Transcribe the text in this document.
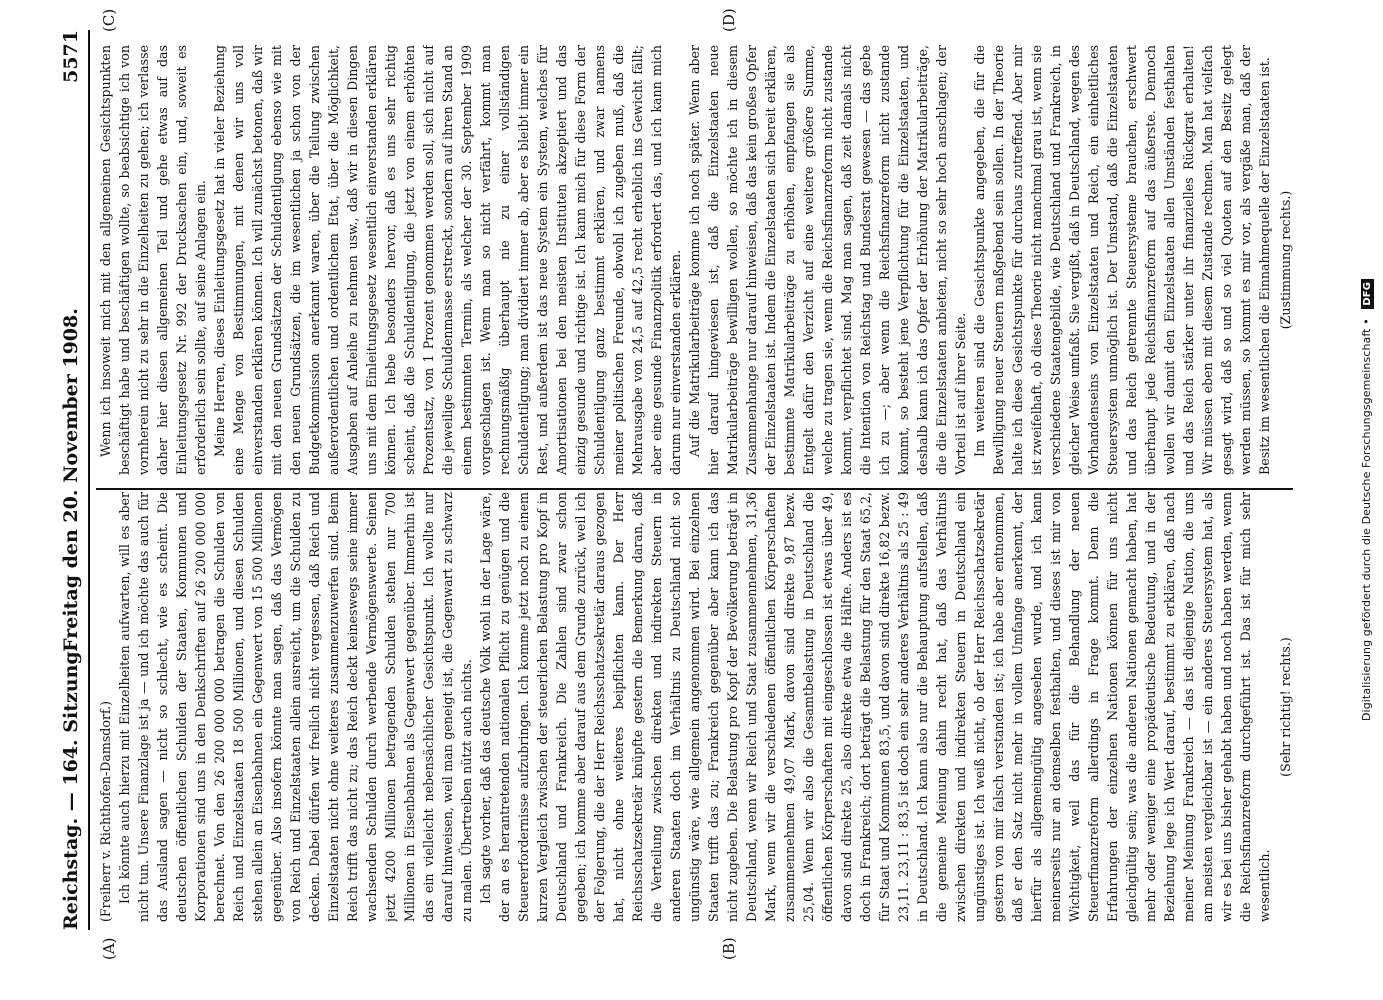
Reichstag. — 164. Sitzung.
Freitag den 20. November 1908.
5571
(A)	(B)
(C)	(D)

(Freiherr v. Richthofen-Damsdorf.) Ich könnte auch hierzu mit Einzelheiten aufwarten, will es aber nicht tun. Unsere Finanzlage ist ja — und ich möchte das auch für das Ausland sagen — nicht so schlecht, wie es scheint. Die deutschen öffentlichen Schulden der Staaten, Kommunen und Korporationen sind uns in den Denkschriften auf 26 200 000 000 berechnet. Von den 26 200 000 000 betragen die Schulden von Reich und Einzelstaaten 18 500 Millionen, und diesen Schulden stehen allein an Eisenbahnen ein Gegenwert von 15 500 Millionen gegenüber. Also insofern könnte man sagen, daß das Vermögen von Reich und Einzelstaaten allein ausreicht, um die Schulden zu decken. Dabei dürfen wir freilich nicht vergessen, daß Reich und Einzelstaaten nicht ohne weiteres zusammenzuwerfen sind. Beim Reich trifft das nicht zu; das Reich deckt keineswegs seine immer wachsenden Schulden durch werbende Vermögenswerte. Seinen jetzt 4200 Millionen betragenden Schulden stehen nur 700 Millionen in Eisenbahnen als Gegenwert gegenüber. Immerhin ist das ein vielleicht nebensächlicher Gesichtspunkt. Ich wollte nur darauf hinweisen, weil man geneigt ist, die Gegenwart zu schwarz zu malen. Übertreiben nützt auch nichts. Ich sagte vorher, daß das deutsche Volk wohl in der Lage wäre, der an es herantretenden nationalen Pflicht zu genügen und die Steuererfordernisse aufzubringen. Ich komme jetzt noch zu einem kurzen Vergleich zwischen der steuerlichen Belastung pro Kopf in Deutschland und Frankreich. Die Zahlen sind zwar schon gegeben; ich komme aber darauf aus dem Grunde zurück, weil ich der Folgerung, die der Herr Reichsschatzsekretär daraus gezogen hat, nicht ohne weiteres beipflichten kann. Der Herr Reichsschatzsekretär knüpfte gestern die Bemerkung daran, daß die Verteilung zwischen direkten und indirekten Steuern in anderen Staaten doch im Verhältnis zu Deutschland nicht so ungünstig wäre, wie allgemein angenommen wird. Bei einzelnen Staaten trifft das zu; Frankreich gegenüber aber kann ich das nicht zugeben. Die Belastung pro Kopf der Bevölkerung beträgt in Deutschland, wenn wir Reich und Staat zusammennehmen, 31,36 Mark, wenn wir die verschiedenen öffentlichen Körperschaften zusammennehmen 49,07 Mark, davon sind direkte 9,87 bezw. 25,04. Wenn wir also die Gesamtbelastung in Deutschland die öffentlichen Körperschaften mit eingeschlossen ist etwas über 49, davon sind direkte 25, also direkte etwa die Hälfte. Anders ist es doch in Frankreich; dort beträgt die Belastung für den Staat 65,2, für Staat und Kommunen 83,5, und davon sind direkte 16,82 bezw. 23,11. 23,11 : 83,5 ist doch ein sehr anderes Verhältnis als 25 : 49 in Deutschland. Ich kann also nur die Behauptung aufstellen, daß die gemeine Meinung dahin recht hat, daß das Verhältnis zwischen direkten und indirekten Steuern in Deutschland ein ungünstiges ist. Ich weiß nicht, ob der Herr Reichsschatzsekretär gestern von mir falsch verstanden ist; ich habe aber entnommen, daß er den Satz nicht mehr in vollem Umfange anerkennt, der hierfür als allgemeingültig angesehen wurde, und ich kann meinerseits nur an demselben festhalten, und dieses ist mir von Wichtigkeit, weil das für die Behandlung der neuen Steuerfinanzreform allerdings in Frage kommt. Denn die Erfahrungen der einzelnen Nationen können für uns nicht gleichgültig sein; was die anderen Nationen gemacht haben, hat mehr oder weniger eine propädeutische Bedeutung, und in der Beziehung lege ich Wert darauf, bestimmt zu erklären, daß nach meiner Meinung Frankreich — das ist diejenige Nation, die uns am meisten vergleichbar ist — ein anderes Steuersystem hat, als wir es bei uns bisher gehabt haben und noch haben werden, wenn die Reichsfinanzreform durchgeführt ist. Das ist für mich sehr wesentlich.

(Sehr richtig! rechts.)

Wenn ich insoweit mich mit den allgemeinen Gesichtspunkten beschäftigt habe und beschäftigen wollte, so beabsichtige ich von vornherein nicht zu sehr in die Einzelheiten zu gehen; ich verlasse daher hier diesen allgemeinen Teil und gehe etwas auf das Einleitungsgesetz Nr. 992 der Drucksachen ein, und, soweit es erforderlich sein sollte, auf seine Anlagen ein. Meine Herren, dieses Einleitungsgesetz hat in vieler Beziehung eine Menge von Bestimmungen, mit denen wir uns voll einverstanden erklären können. Ich will zunächst betonen, daß wir mit den neuen Grundsätzen der Schuldentilgung ebenso wie mit den neuen Grundsätzen, die im wesentlichen ja schon von der Budgetkommission anerkannt waren, über die Teilung zwischen außerordentlichen und ordentlichem Etat, über die Möglichkeit, Ausgaben auf Anleihe zu nehmen usw., daß wir in diesen Dingen uns mit dem Einleitungsgesetz wesentlich einverstanden erklären können. Ich hebe besonders hervor, daß es uns sehr richtig scheint, daß die Schuldentilgung, die jetzt von einem erhöhten Prozentsatz, von 1 Prozent genommen werden soll, sich nicht auf die jeweilige Schuldenmasse erstreckt, sondern auf ihren Stand an einem bestimmten Termin, als welcher der 30. September 1909 vorgeschlagen ist. Wenn man so nicht verfährt, kommt man rechnungsmäßig überhaupt nie zu einer vollständigen Schuldentilgung; man dividiert immer ab, aber es bleibt immer ein Rest, und außerdem ist das neue System ein System, welches für Amortisationen bei den meisten Instituten akzeptiert und das einzig gesunde und richtige ist. Ich kann mich für diese Form der Schuldentilgung ganz bestimmt erklären, und zwar namens meiner politischen Freunde, obwohl ich zugeben muß, daß die Mehrausgabe von 24,5 auf 42,5 recht erheblich ins Gewicht fällt; aber eine gesunde Finanzpolitik erfordert das, und ich kann mich darum nur einverstanden erklären. Auf die Matrikularbeiträge komme ich noch später. Wenn aber hier darauf hingewiesen ist, daß die Einzelstaaten neue Matrikularbeiträge bewilligen wollen, so möchte ich in diesem Zusammenhange nur darauf hinweisen, daß das kein großes Opfer der Einzelstaaten ist. Indem die Einzelstaaten sich bereit erklären, bestimmte Matrikularbeiträge zu erhöhen, empfangen sie als Entgelt dafür den Verzicht auf eine weitere größere Summe, welche zu tragen sie, wenn die Reichsfinanzreform nicht zustande kommt, verpflichtet sind. Mag man sagen, daß zeit damals nicht die Intention von Reichstag und Bundesrat gewesen — das gebe ich zu —; aber wenn die Reichsfinanzreform nicht zustande kommt, so besteht jene Verpflichtung für die Einzelstaaten, und deshalb kann ich das Opfer der Erhöhung der Matrikularbeiträge, die die Einzelstaaten anbieten, nicht so sehr hoch anschlagen; der Vorteil ist auf ihrer Seite. Im weiteren sind die Gesichtspunkte angegeben, die für die Bewilligung neuer Steuern maßgebend sein sollen. In der Theorie halte ich diese Gesichtspunkte für durchaus zutreffend. Aber mir ist zweifelhaft, ob diese Theorie nicht manchmal grau ist, wenn sie verschiedene Staatengebilde, wie Deutschland und Frankreich, in gleicher Weise umfaßt. Sie vergißt, daß in Deutschland, wegen des Vorhandenseins von Einzelstaaten und Reich, ein einheitliches Steuersystem unmöglich ist. Der Umstand, daß die Einzelstaaten und das Reich getrennte Steuersysteme brauchen, erschwert überhaupt jede Reichsfinanzreform auf das äußerste. Dennoch wollen wir damit den Einzelstaaten allen Umständen festhalten und das Reich stärker unter ihr finanzielles Rückgrat erhalten! Wir müssen eben mit diesem Zustande rechnen. Man hat vielfach gesagt wird, daß so und so viel Quoten auf den Besitz gelegt werden müssen, so kommt es mir vor, als vergäße man, daß der Besitz im wesentlichen die Einnahmequelle der Einzelstaaten ist. (Zustimmung rechts.)

Digitalisierung gefördert durch die Deutsche Forschungsgemeinschaft • DFG
